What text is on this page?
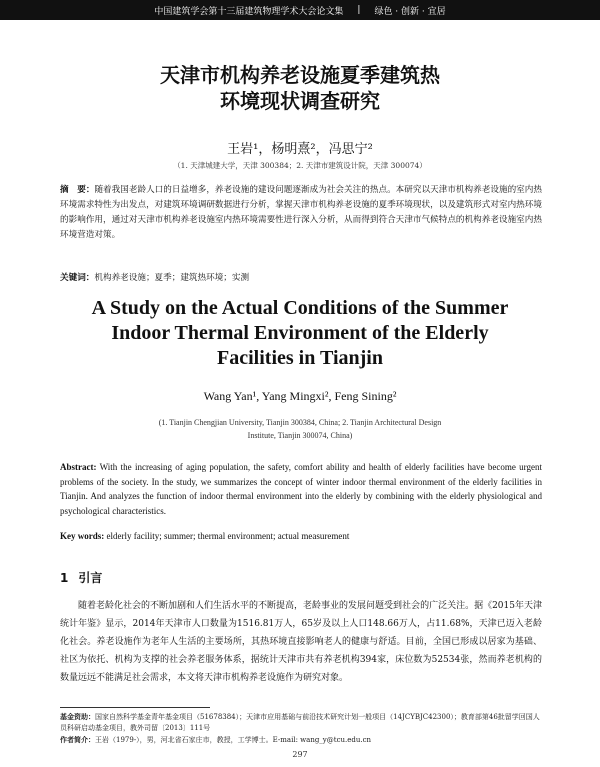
中国建筑学会第十三届建筑物理学术大会论文集 | 绿色 · 创新 · 宜居
天津市机构养老设施夏季建筑热
环境现状调查研究
王岩¹，杨明熹²，冯思宁²
（1. 天津城建大学，天津 300384；2. 天津市建筑设计院，天津 300074）
摘　要：随着我国老龄人口的日益增多，养老设施的建设问题逐渐成为社会关注的热点。本研究以天津市机构养老设施的室内热环境需求特性为出发点，对建筑环境调研数据进行分析，掌握天津市机构养老设施的夏季环境现状，以及建筑形式对室内热环境的影响作用，通过对天津市机构养老设施室内热环境需要性进行深入分析，从而得到符合天津市气候特点的机构养老设施室内热环境营造对策。
关键词：机构养老设施；夏季；建筑热环境；实测
A Study on the Actual Conditions of the Summer
Indoor Thermal Environment of the Elderly
Facilities in Tianjin
Wang Yan¹, Yang Mingxi², Feng Sining²
(1. Tianjin Chengjian University, Tianjin 300384, China; 2. Tianjin Architectural Design
Institute, Tianjin 300074, China)
Abstract: With the increasing of aging population, the safety, comfort ability and health of elderly facilities have become urgent problems of the society. In the study, we summarizes the concept of winter indoor thermal environment of the elderly facilities in Tianjin. And analyzes the function of indoor thermal environment into the elderly by combining with the elderly physiological and psychological characteristics.
Key words: elderly facility; summer; thermal environment; actual measurement
1 引言
随着老龄化社会的不断加剧和人们生活水平的不断提高，老龄事业的发展问题受到社会的广泛关注。据《2015年天津统计年鉴》显示，2014年天津市人口数量为1516.81万人，65岁及以上人口148.66万人，占11.68%，天津已迈入老龄化社会。养老设施作为老年人生活的主要场所，其热环境直接影响老人的健康与舒适。目前，全国已形成以居家为基础、社区为依托、机构为支撑的社会养老服务体系，据统计天津市共有养老机构394家，床位数为52534张，然而养老机构的数量远远不能满足社会需求，本文将天津市机构养老设施作为研究对象。
基金资助：国家自然科学基金青年基金项目（51678384）；天津市应用基础与前沿技术研究计划一般项目（14JCYBJC42300）；教育部第46批留学回国人员科研启动基金项目，教外司留〔2013〕111号
作者简介：王岩（1979-），男，河北省石家庄市，教授，工学博士。E-mail: wang_y@tcu.edu.cn
297
